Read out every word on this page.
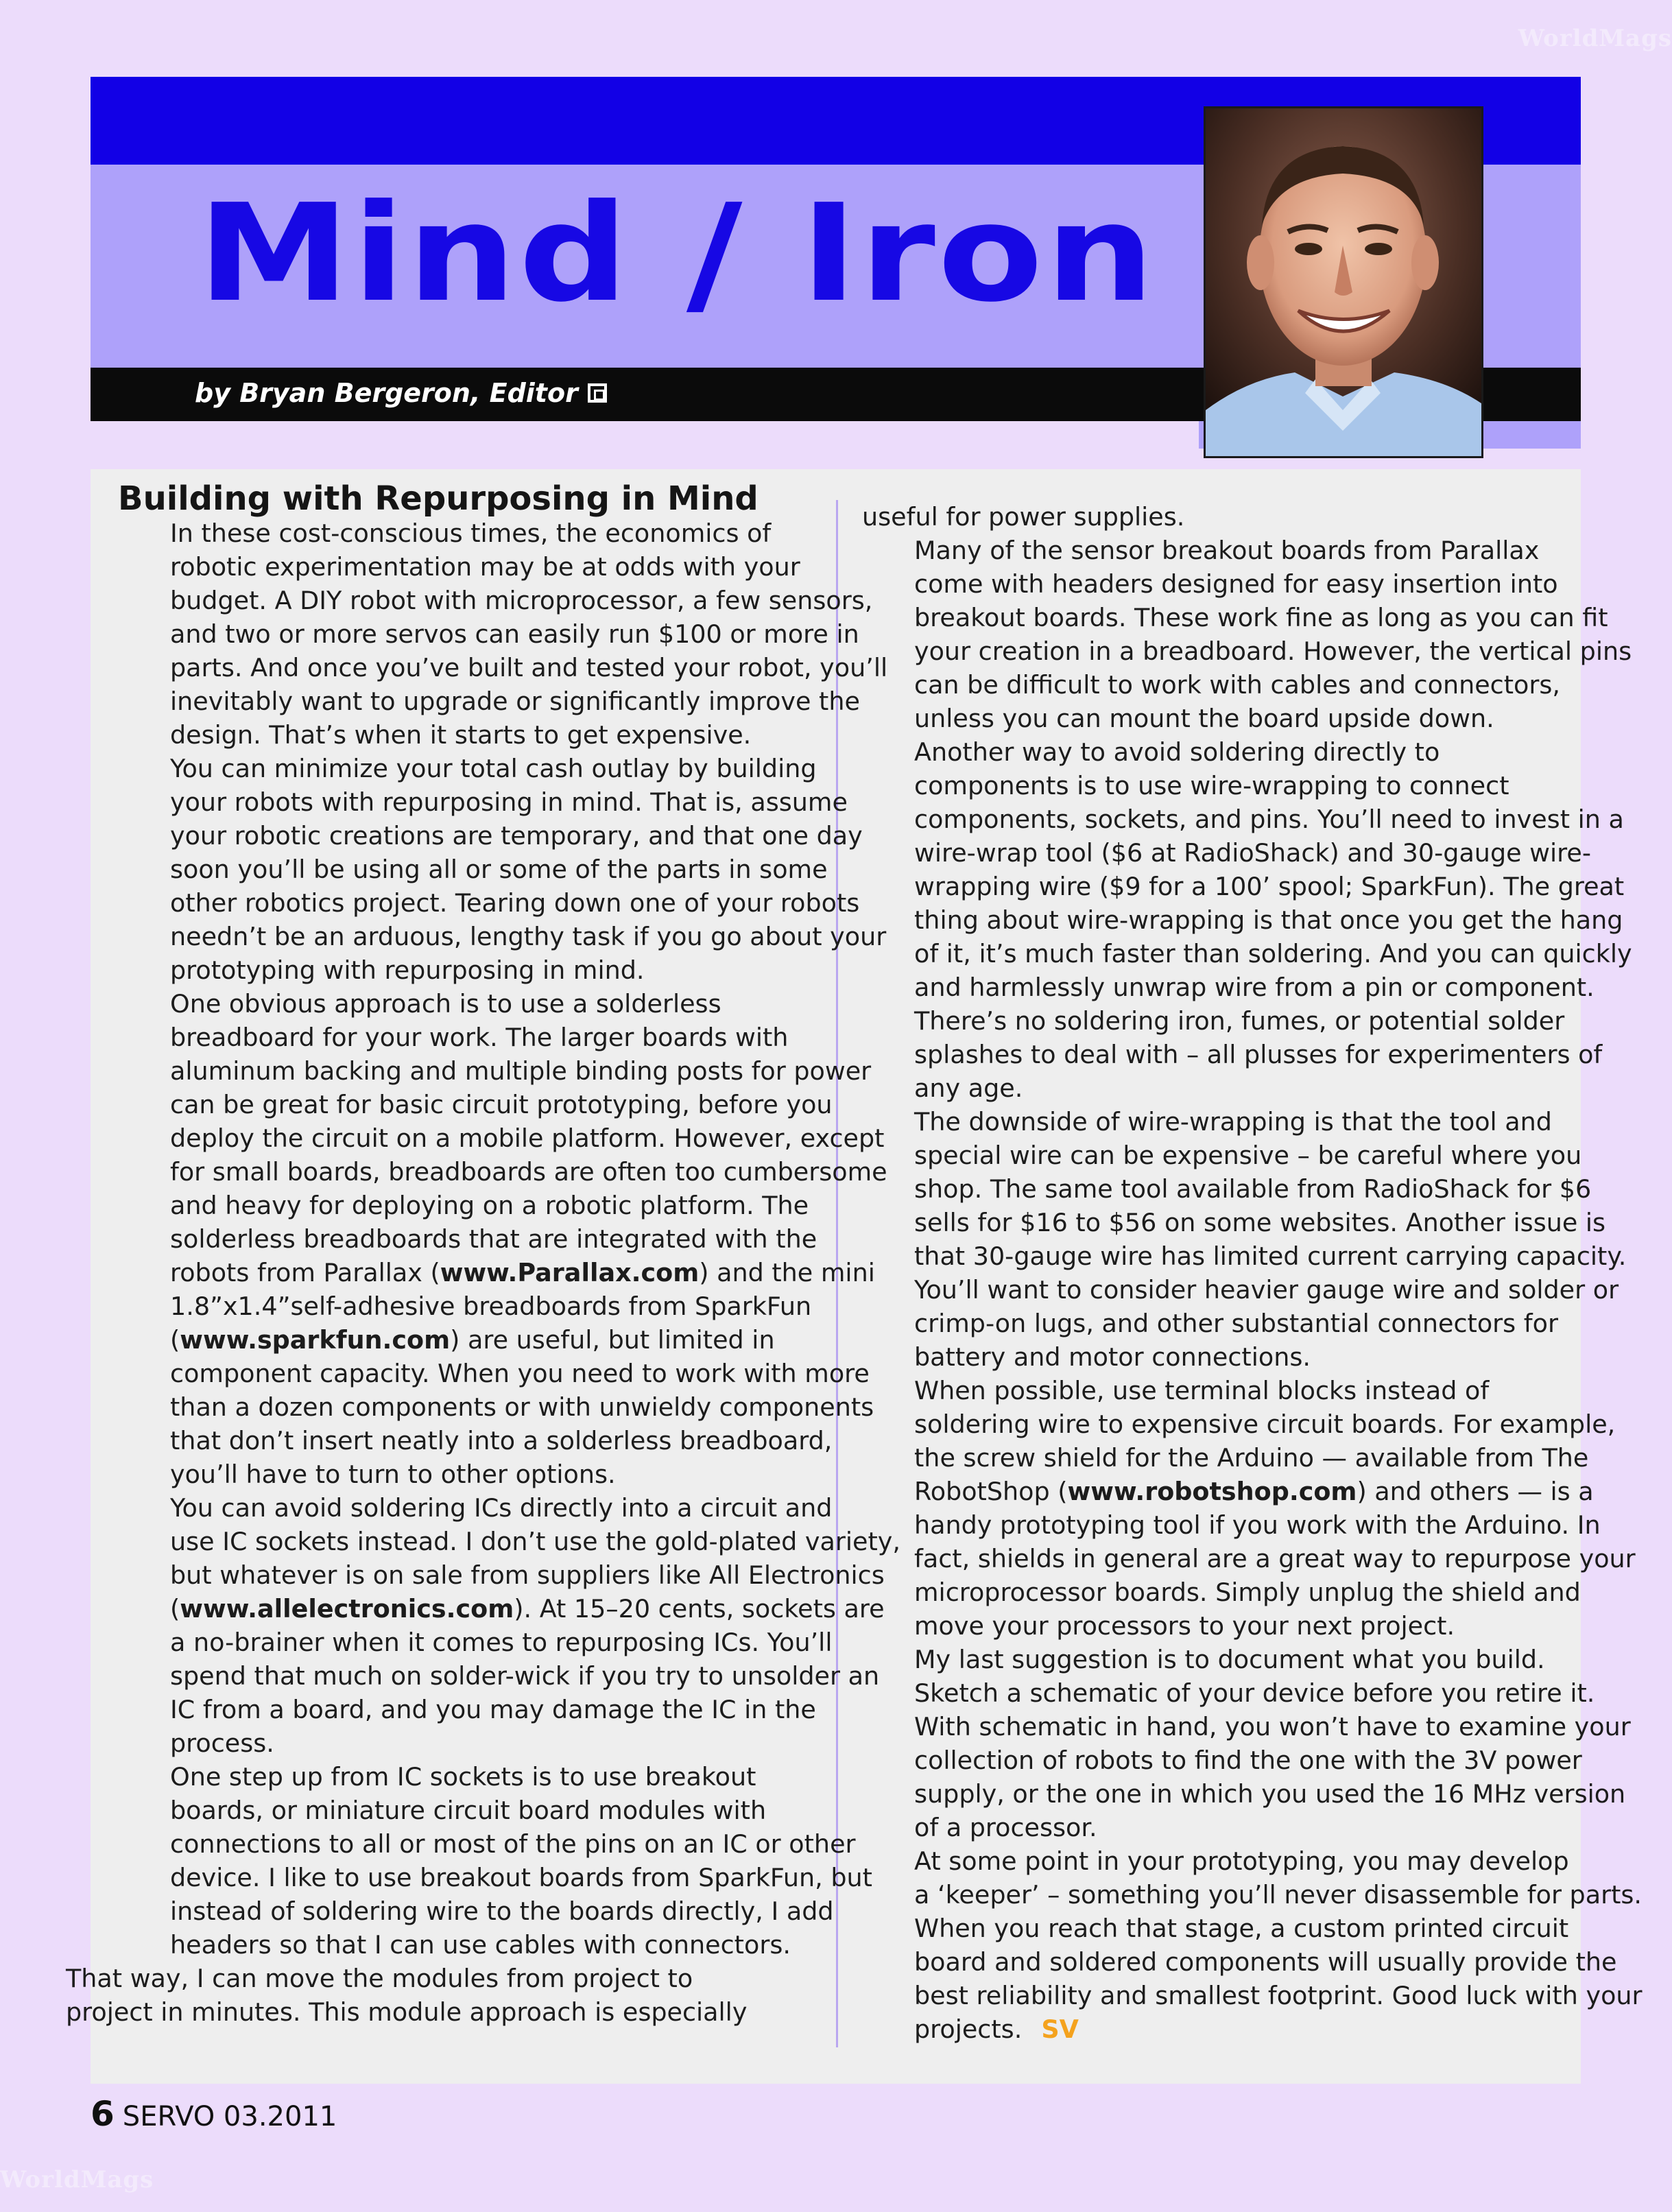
WorldMags
Mind / Iron
by Bryan Bergeron, Editor
Building with Repurposing in Mind

In these cost-conscious times, the economics of
robotic experimentation may be at odds with your
budget. A DIY robot with microprocessor, a few sensors,
and two or more servos can easily run $100 or more in
parts. And once you’ve built and tested your robot, you’ll
inevitably want to upgrade or significantly improve the
design. That’s when it starts to get expensive.

You can minimize your total cash outlay by building
your robots with repurposing in mind. That is, assume
your robotic creations are temporary, and that one day
soon you’ll be using all or some of the parts in some
other robotics project. Tearing down one of your robots
needn’t be an arduous, lengthy task if you go about your
prototyping with repurposing in mind.

One obvious approach is to use a solderless
breadboard for your work. The larger boards with
aluminum backing and multiple binding posts for power
can be great for basic circuit prototyping, before you
deploy the circuit on a mobile platform. However, except
for small boards, breadboards are often too cumbersome
and heavy for deploying on a robotic platform. The
solderless breadboards that are integrated with the
robots from Parallax (www.Parallax.com) and the mini
1.8”x1.4”self-adhesive breadboards from SparkFun
(www.sparkfun.com) are useful, but limited in
component capacity. When you need to work with more
than a dozen components or with unwieldy components
that don’t insert neatly into a solderless breadboard,
you’ll have to turn to other options.

You can avoid soldering ICs directly into a circuit and
use IC sockets instead. I don’t use the gold-plated variety,
but whatever is on sale from suppliers like All Electronics
(www.allelectronics.com). At 15–20 cents, sockets are
a no-brainer when it comes to repurposing ICs. You’ll
spend that much on solder-wick if you try to unsolder an
IC from a board, and you may damage the IC in the
process.

One step up from IC sockets is to use breakout
boards, or miniature circuit board modules with
connections to all or most of the pins on an IC or other
device. I like to use breakout boards from SparkFun, but
instead of soldering wire to the boards directly, I add
headers so that I can use cables with connectors.
That way, I can move the modules from project to
project in minutes. This module approach is especially

useful for power supplies.

Many of the sensor breakout boards from Parallax
come with headers designed for easy insertion into
breakout boards. These work fine as long as you can fit
your creation in a breadboard. However, the vertical pins
can be difficult to work with cables and connectors,
unless you can mount the board upside down.

Another way to avoid soldering directly to
components is to use wire-wrapping to connect
components, sockets, and pins. You’ll need to invest in a
wire-wrap tool ($6 at RadioShack) and 30-gauge wire-
wrapping wire ($9 for a 100’ spool; SparkFun). The great
thing about wire-wrapping is that once you get the hang
of it, it’s much faster than soldering. And you can quickly
and harmlessly unwrap wire from a pin or component.
There’s no soldering iron, fumes, or potential solder
splashes to deal with – all plusses for experimenters of
any age.

The downside of wire-wrapping is that the tool and
special wire can be expensive – be careful where you
shop. The same tool available from RadioShack for $6
sells for $16 to $56 on some websites. Another issue is
that 30-gauge wire has limited current carrying capacity.
You’ll want to consider heavier gauge wire and solder or
crimp-on lugs, and other substantial connectors for
battery and motor connections.

When possible, use terminal blocks instead of
soldering wire to expensive circuit boards. For example,
the screw shield for the Arduino — available from The
RobotShop (www.robotshop.com) and others — is a
handy prototyping tool if you work with the Arduino. In
fact, shields in general are a great way to repurpose your
microprocessor boards. Simply unplug the shield and
move your processors to your next project.

My last suggestion is to document what you build.
Sketch a schematic of your device before you retire it.
With schematic in hand, you won’t have to examine your
collection of robots to find the one with the 3V power
supply, or the one in which you used the 16 MHz version
of a processor.

At some point in your prototyping, you may develop
a ‘keeper’ – something you’ll never disassemble for parts.
When you reach that stage, a custom printed circuit
board and soldered components will usually provide the
best reliability and smallest footprint. Good luck with your
projects. SV

6 SERVO 03.2011
WorldMags
